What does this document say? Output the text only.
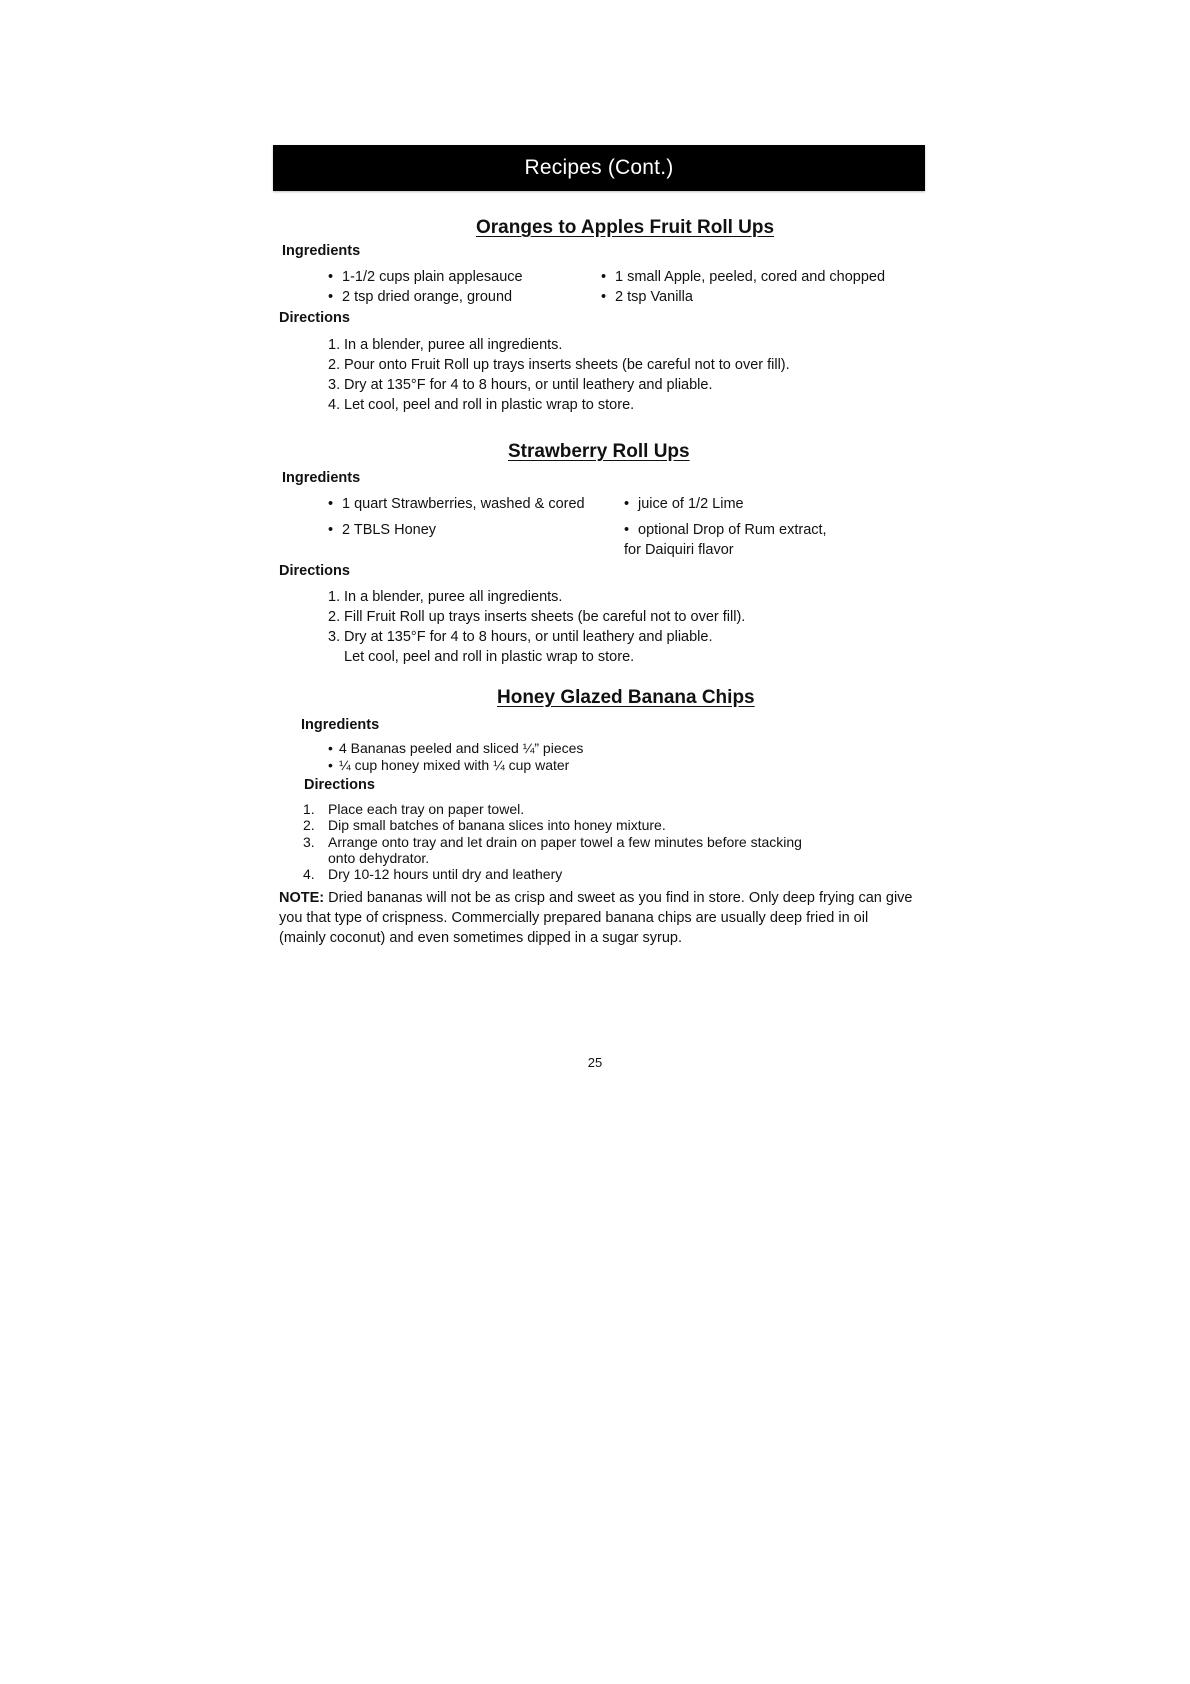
Recipes (Cont.)
Oranges to Apples Fruit Roll Ups
Ingredients
• 1-1/2 cups plain applesauce
• 2 tsp dried orange, ground
• 1 small Apple, peeled, cored and chopped
• 2 tsp Vanilla
Directions
1. In a blender, puree all ingredients.
2. Pour onto Fruit Roll up trays inserts sheets (be careful not to over fill).
3. Dry at 135°F for 4 to 8 hours, or until leathery and pliable.
4. Let cool, peel and roll in plastic wrap to store.
Strawberry Roll Ups
Ingredients
• 1 quart Strawberries, washed & cored
• 2 TBLS Honey
• juice of 1/2 Lime
• optional Drop of Rum extract,
for Daiquiri flavor
Directions
1. In a blender, puree all ingredients.
2. Fill Fruit Roll up trays inserts sheets (be careful not to over fill).
3. Dry at 135°F for 4 to 8 hours, or until leathery and pliable.
Let cool, peel and roll in plastic wrap to store.
Honey Glazed Banana Chips
Ingredients
• 4 Bananas peeled and sliced ¼” pieces
• ¼ cup honey mixed with ¼ cup water
Directions
1. Place each tray on paper towel.
2. Dip small batches of banana slices into honey mixture.
3. Arrange onto tray and let drain on paper towel a few minutes before stacking
onto dehydrator.
4. Dry 10-12 hours until dry and leathery
NOTE: Dried bananas will not be as crisp and sweet as you find in store. Only deep frying can give you that type of crispness. Commercially prepared banana chips are usually deep fried in oil (mainly coconut) and even sometimes dipped in a sugar syrup.
25
